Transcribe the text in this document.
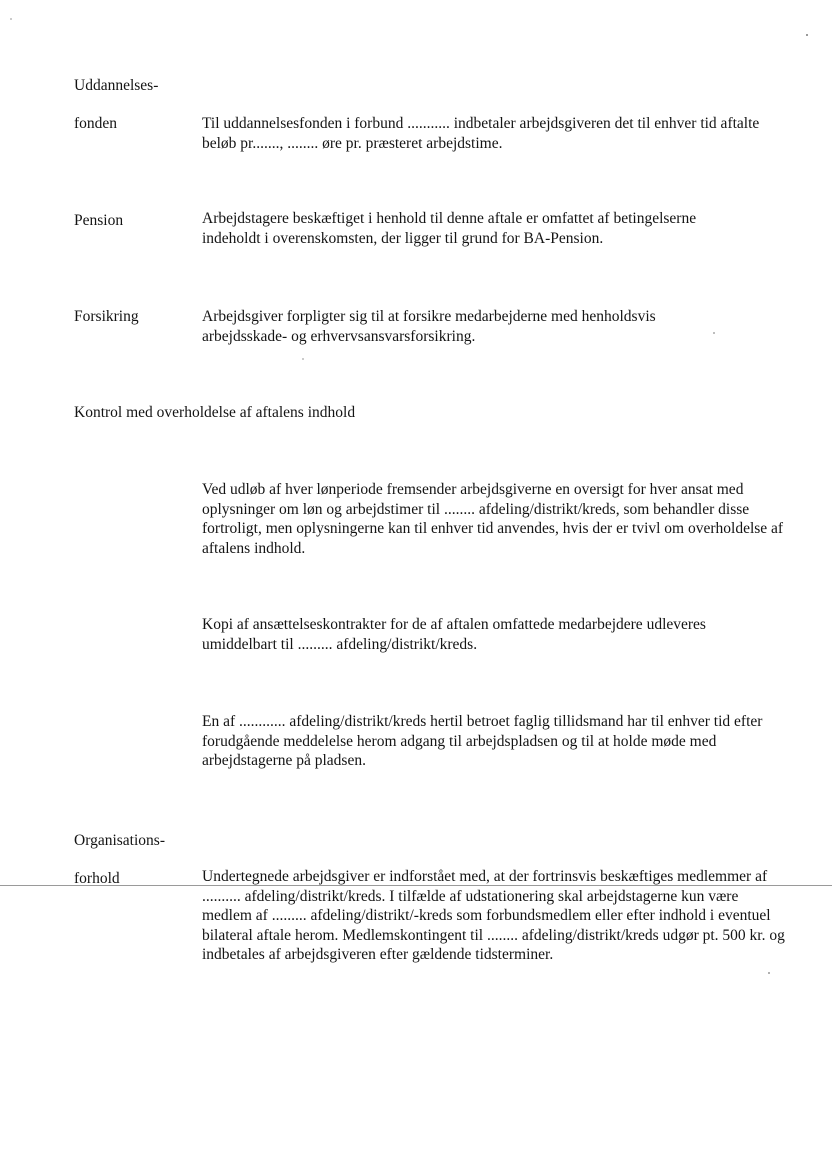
Uddannelses-
fonden	Til uddannelsesfonden i forbund ........... indbetaler arbejdsgiveren det til enhver tid aftalte beløb pr......., ........ øre pr. præsteret arbejdstime.

Pension	Arbejdstagere beskæftiget i henhold til denne aftale er omfattet af betingelserne indeholdt i overenskomsten, der ligger til grund for BA-Pension.

Forsikring	Arbejdsgiver forpligter sig til at forsikre medarbejderne med henholdsvis arbejdsskade- og erhvervsansvarsforsikring.

Kontrol med overholdelse af aftalens indhold

Ved udløb af hver lønperiode fremsender arbejdsgiverne en oversigt for hver ansat med oplysninger om løn og arbejdstimer til ........ afdeling/distrikt/kreds, som behandler disse fortroligt, men oplysningerne kan til enhver tid anvendes, hvis der er tvivl om overholdelse af aftalens indhold.

Kopi af ansættelseskontrakter for de af aftalen omfattede medarbejdere udleveres umiddelbart til ......... afdeling/distrikt/kreds.

En af ............ afdeling/distrikt/kreds hertil betroet faglig tillidsmand har til enhver tid efter forudgående meddelelse herom adgang til arbejdspladsen og til at holde møde med arbejdstagerne på pladsen.

Organisations-
forhold	Undertegnede arbejdsgiver er indforstået med, at der fortrinsvis beskæftiges medlemmer af .......... afdeling/distrikt/kreds. I tilfælde af udstationering skal arbejdstagerne kun være medlem af ......... afdeling/distrikt/-kreds som forbundsmedlem eller efter indhold i eventuel bilateral aftale herom. Medlemskontingent til ........ afdeling/distrikt/kreds udgør pt. 500 kr. og indbetales af arbejdsgiveren efter gældende tidsterminer.
